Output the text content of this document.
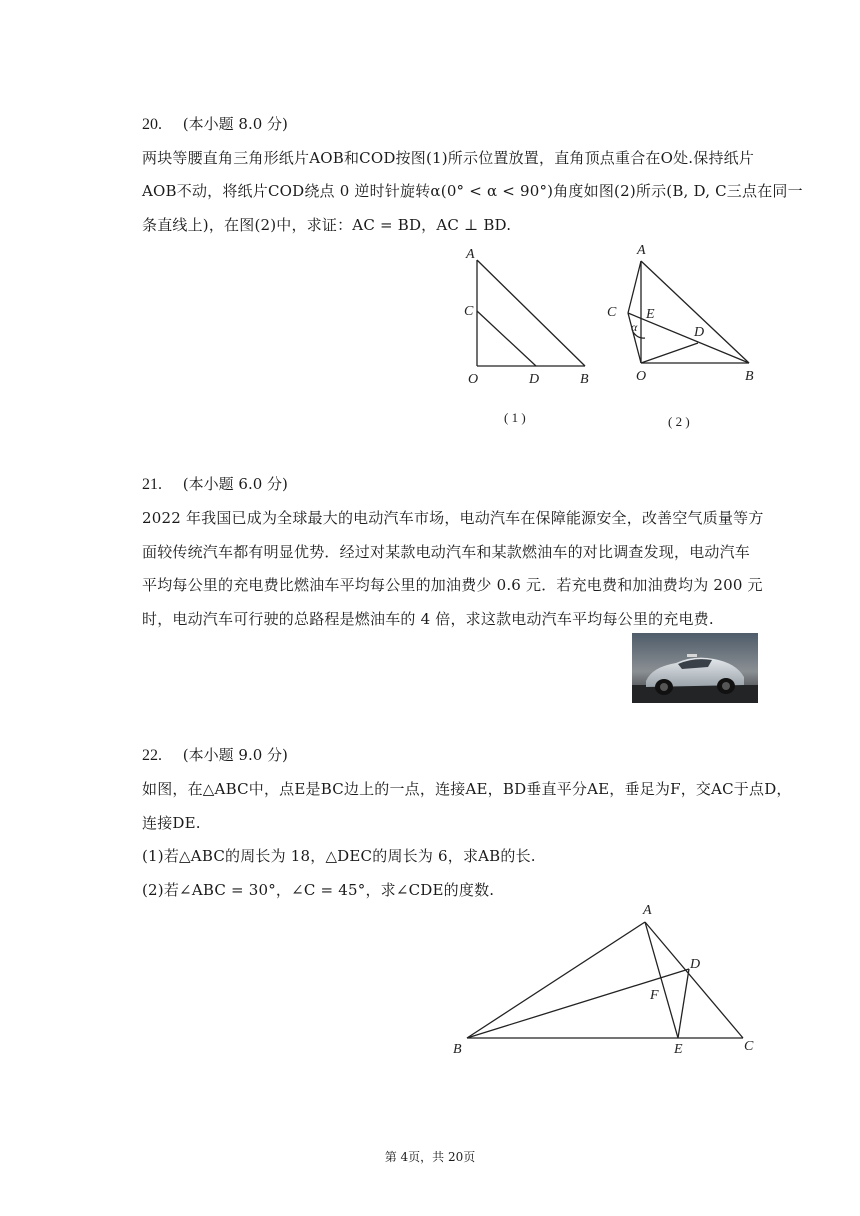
20. (本小题 8.0 分)
两块等腰直角三角形纸片AOB和COD按图(1)所示位置放置，直角顶点重合在O处.保持纸片
AOB不动，将纸片COD绕点 0 逆时针旋转α(0° < α < 90°)角度如图(2)所示(B, D, C三点在同一
条直线上)，在图(2)中，求证：AC = BD，AC ⊥ BD.
A
C
O	D	B
( 1 )
A
C E
α	D
O	B
( 2 )
21. (本小题 6.0 分)
2022 年我国已成为全球最大的电动汽车市场，电动汽车在保障能源安全，改善空气质量等方
面较传统汽车都有明显优势．经过对某款电动汽车和某款燃油车的对比调查发现，电动汽车
平均每公里的充电费比燃油车平均每公里的加油费少 0.6 元．若充电费和加油费均为 200 元
时，电动汽车可行驶的总路程是燃油车的 4 倍，求这款电动汽车平均每公里的充电费.
22. (本小题 9.0 分)
如图，在△ABC中，点E是BC边上的一点，连接AE，BD垂直平分AE，垂足为F，交AC于点D，
连接DE.
(1)若△ABC的周长为 18，△DEC的周长为 6，求AB的长.
(2)若∠ABC = 30°，∠C = 45°，求∠CDE的度数.
A
D
F
B	E	C
第 4页，共 20页
